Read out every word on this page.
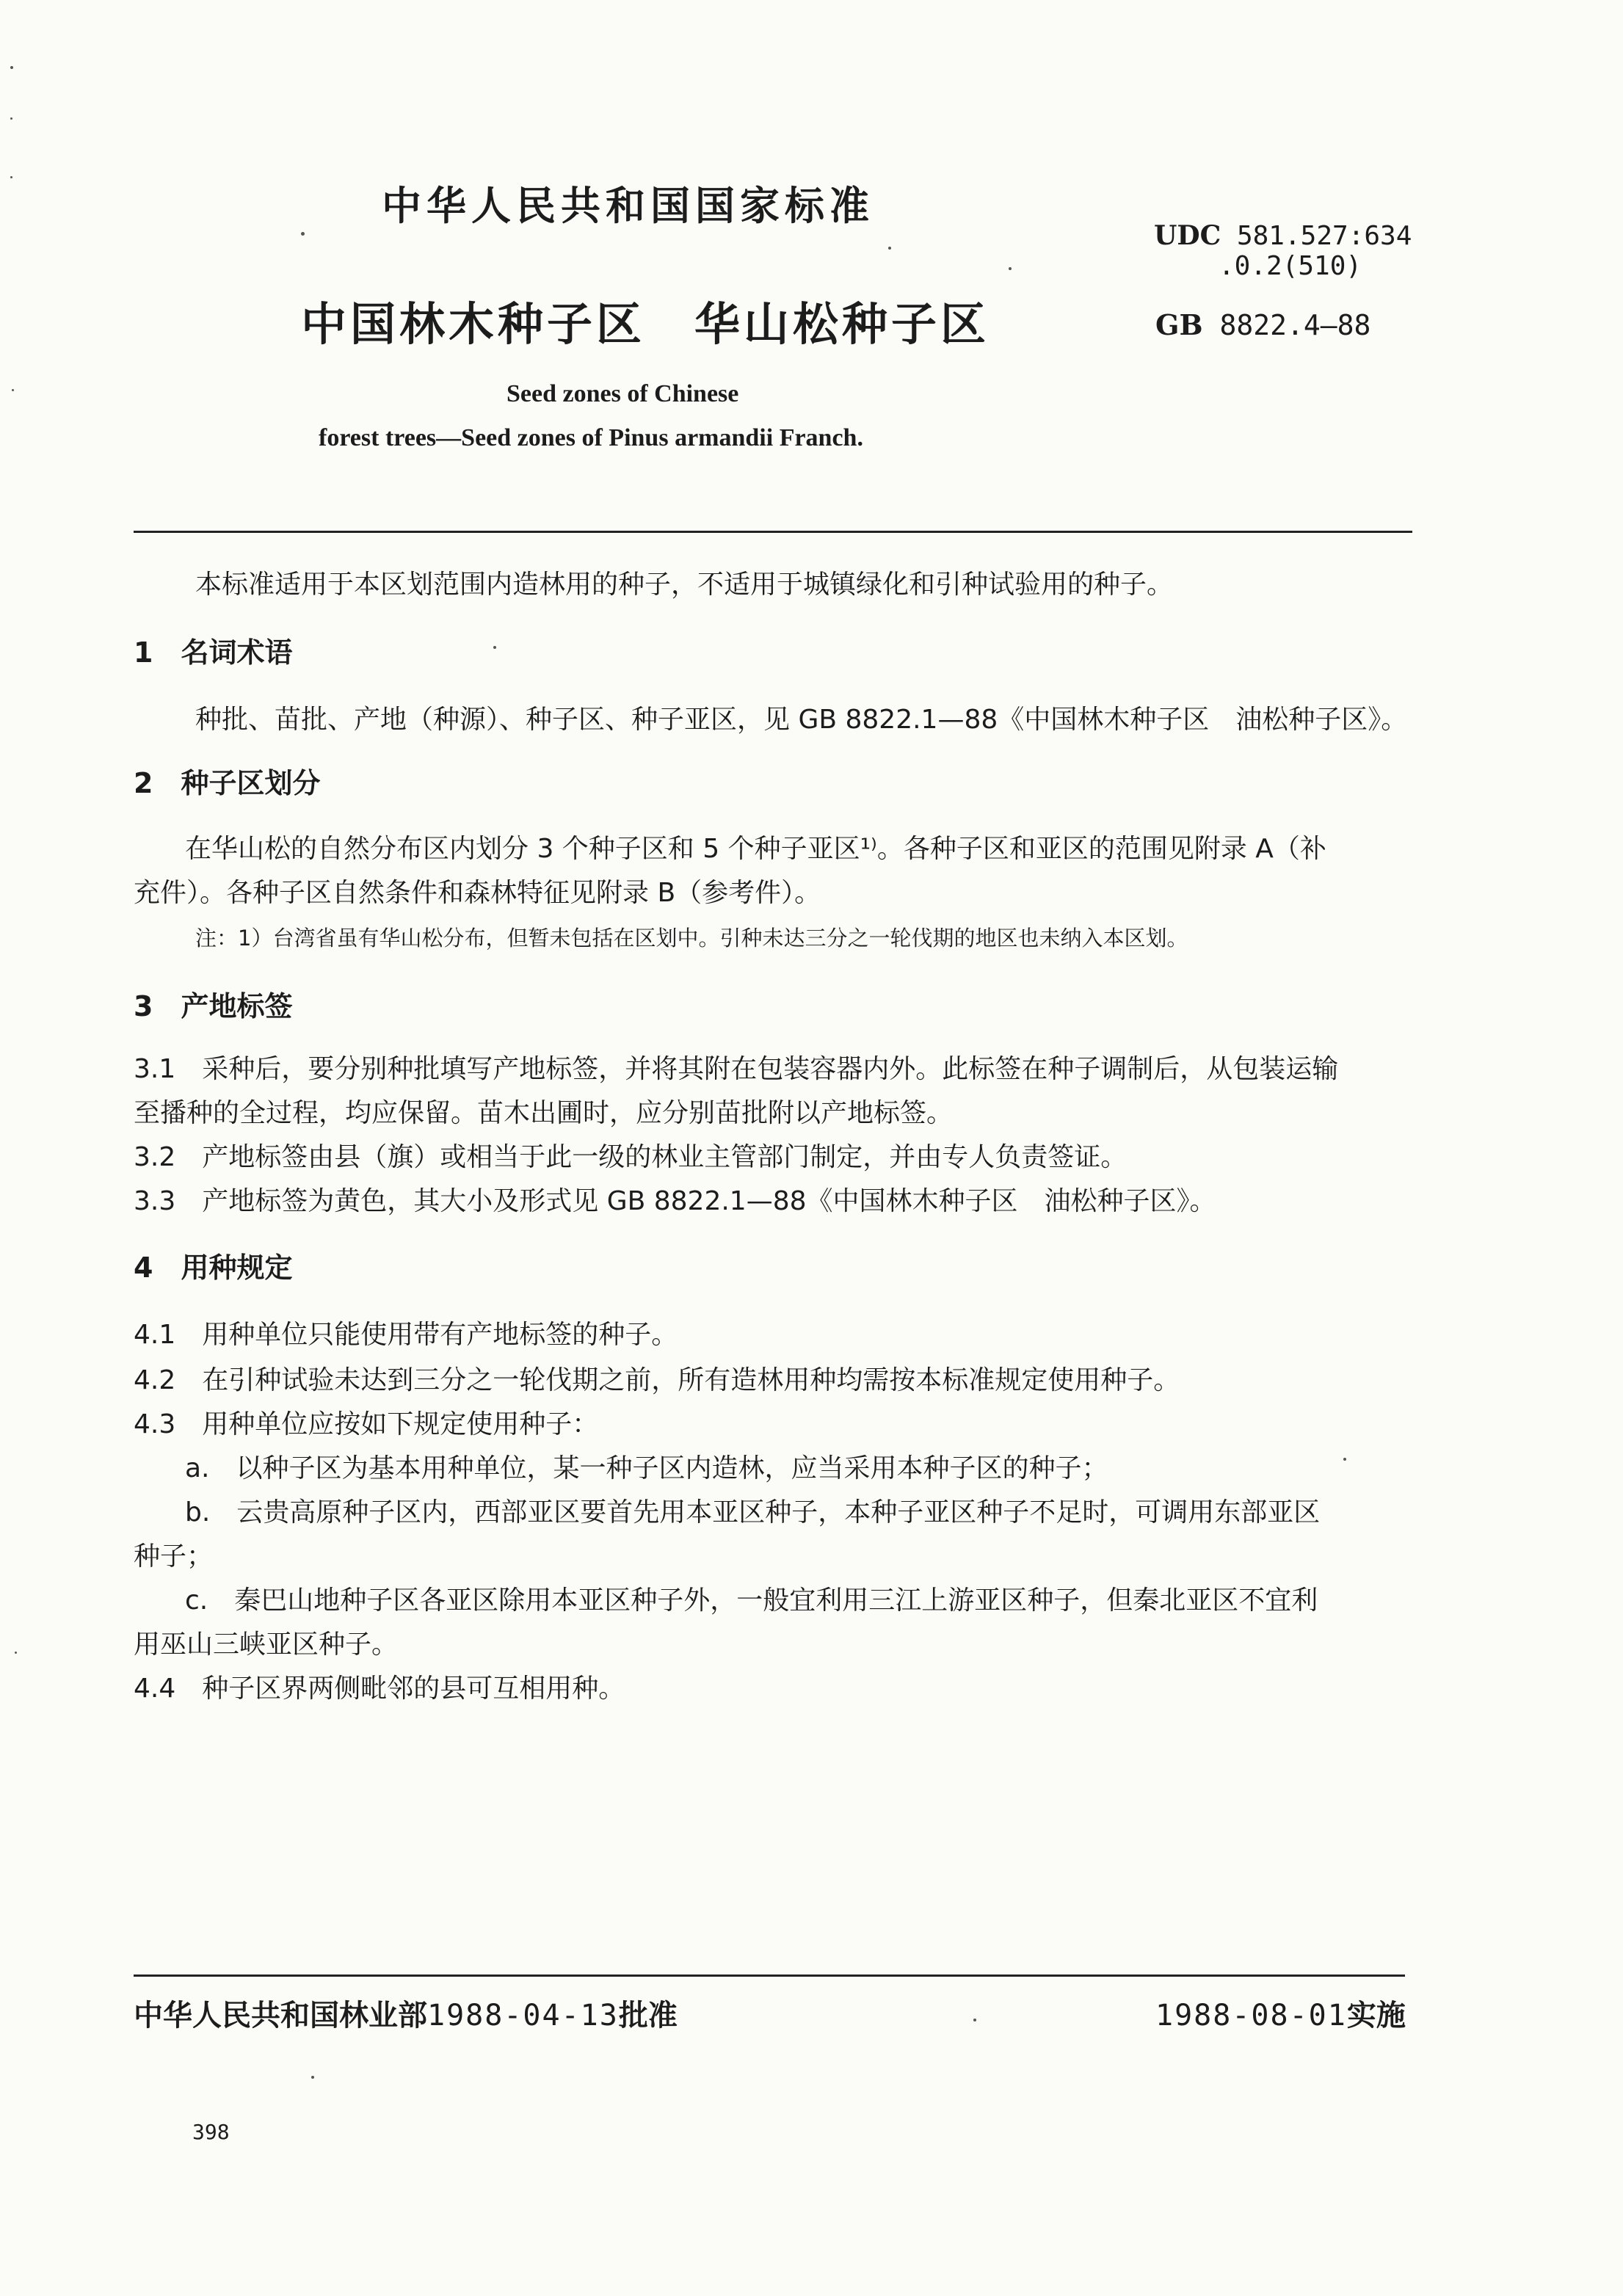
中华人民共和国国家标准
UDC 581.527:634
.0.2(510)
中国林木种子区　华山松种子区	GB 8822.4—88
Seed zones of Chinese
forest trees—Seed zones of Pinus armandii Franch.
本标准适用于本区划范围内造林用的种子，不适用于城镇绿化和引种试验用的种子。
1　名词术语
种批、苗批、产地（种源）、种子区、种子亚区，见 GB 8822.1—88《中国林木种子区　油松种子区》。
2　种子区划分
在华山松的自然分布区内划分 3 个种子区和 5 个种子亚区¹⁾。各种子区和亚区的范围见附录 A（补
充件）。各种子区自然条件和森林特征见附录 B（参考件）。
注：1）台湾省虽有华山松分布，但暂未包括在区划中。引种未达三分之一轮伐期的地区也未纳入本区划。
3　产地标签
3.1　采种后，要分别种批填写产地标签，并将其附在包装容器内外。此标签在种子调制后，从包装运输
至播种的全过程，均应保留。苗木出圃时，应分别苗批附以产地标签。
3.2　产地标签由县（旗）或相当于此一级的林业主管部门制定，并由专人负责签证。
3.3　产地标签为黄色，其大小及形式见 GB 8822.1—88《中国林木种子区　油松种子区》。
4　用种规定
4.1　用种单位只能使用带有产地标签的种子。
4.2　在引种试验未达到三分之一轮伐期之前，所有造林用种均需按本标准规定使用种子。
4.3　用种单位应按如下规定使用种子：
a.　以种子区为基本用种单位，某一种子区内造林，应当采用本种子区的种子；
b.　云贵高原种子区内，西部亚区要首先用本亚区种子，本种子亚区种子不足时，可调用东部亚区
种子；
c.　秦巴山地种子区各亚区除用本亚区种子外，一般宜利用三江上游亚区种子，但秦北亚区不宜利
用巫山三峡亚区种子。
4.4　种子区界两侧毗邻的县可互相用种。
中华人民共和国林业部1988-04-13批准	1988-08-01实施
398
